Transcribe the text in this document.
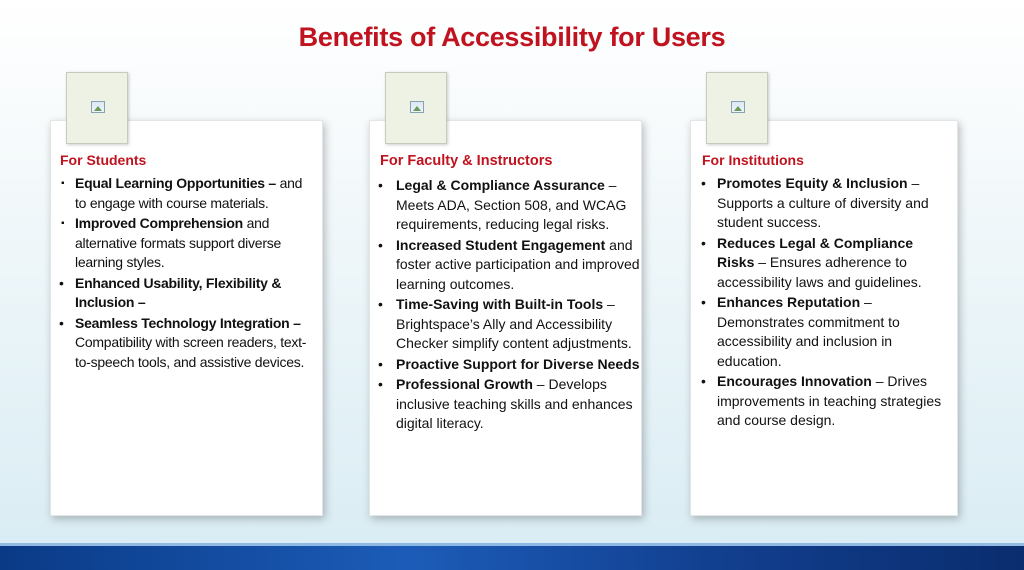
Benefits of Accessibility for Users
For Students
▪ Equal Learning Opportunities – and to engage with course materials.
▪ Improved Comprehension and alternative formats support diverse learning styles.
• Enhanced Usability, Flexibility & Inclusion –
• Seamless Technology Integration – Compatibility with screen readers, text-to-speech tools, and assistive devices.
For Faculty & Instructors
• Legal & Compliance Assurance – Meets ADA, Section 508, and WCAG requirements, reducing legal risks.
• Increased Student Engagement and foster active participation and improved learning outcomes.
• Time-Saving with Built-in Tools – Brightspace’s Ally and Accessibility Checker simplify content adjustments.
• Proactive Support for Diverse Needs
• Professional Growth – Develops inclusive teaching skills and enhances digital literacy.
For Institutions
• Promotes Equity & Inclusion – Supports a culture of diversity and student success.
• Reduces Legal & Compliance Risks – Ensures adherence to accessibility laws and guidelines.
• Enhances Reputation – Demonstrates commitment to accessibility and inclusion in education.
• Encourages Innovation – Drives improvements in teaching strategies and course design.
